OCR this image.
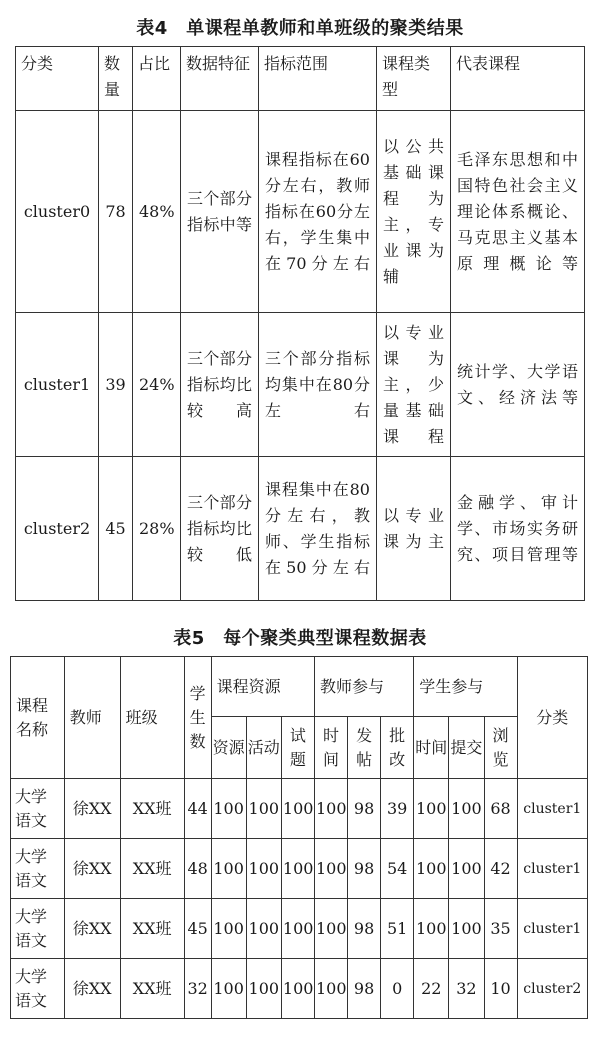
表4　单课程单教师和单班级的聚类结果
分类	数量	占比	数据特征	指标范围	课程类型	代表课程
cluster0	78	48%	三个部分指标中等	课程指标在60分左右，教师指标在60分左右，学生集中在70分左右	以公共基础课程为主，专业课为辅	毛泽东思想和中国特色社会主义理论体系概论、马克思主义基本原理概论等
cluster1	39	24%	三个部分指标均比较高	三个部分指标均集中在80分左右	以专业课为主，少量基础课程	统计学、大学语文、经济法等
cluster2	45	28%	三个部分指标均比较低	课程集中在80分左右，教师、学生指标在50分左右	以专业课为主	金融学、审计学、市场实务研究、项目管理等
表5　每个聚类典型课程数据表
课程名称	教师	班级	学生数	课程资源			教师参与			学生参与			分类
				资源	活动	试题	时间	发帖	批改	时间	提交	浏览	
大学语文	徐XX	XX班	44	100	100	100	100	98	39	100	100	68	cluster1
大学语文	徐XX	XX班	48	100	100	100	100	98	54	100	100	42	cluster1
大学语文	徐XX	XX班	45	100	100	100	100	98	51	100	100	35	cluster1
大学语文	徐XX	XX班	32	100	100	100	100	98	0	22	32	10	cluster2
